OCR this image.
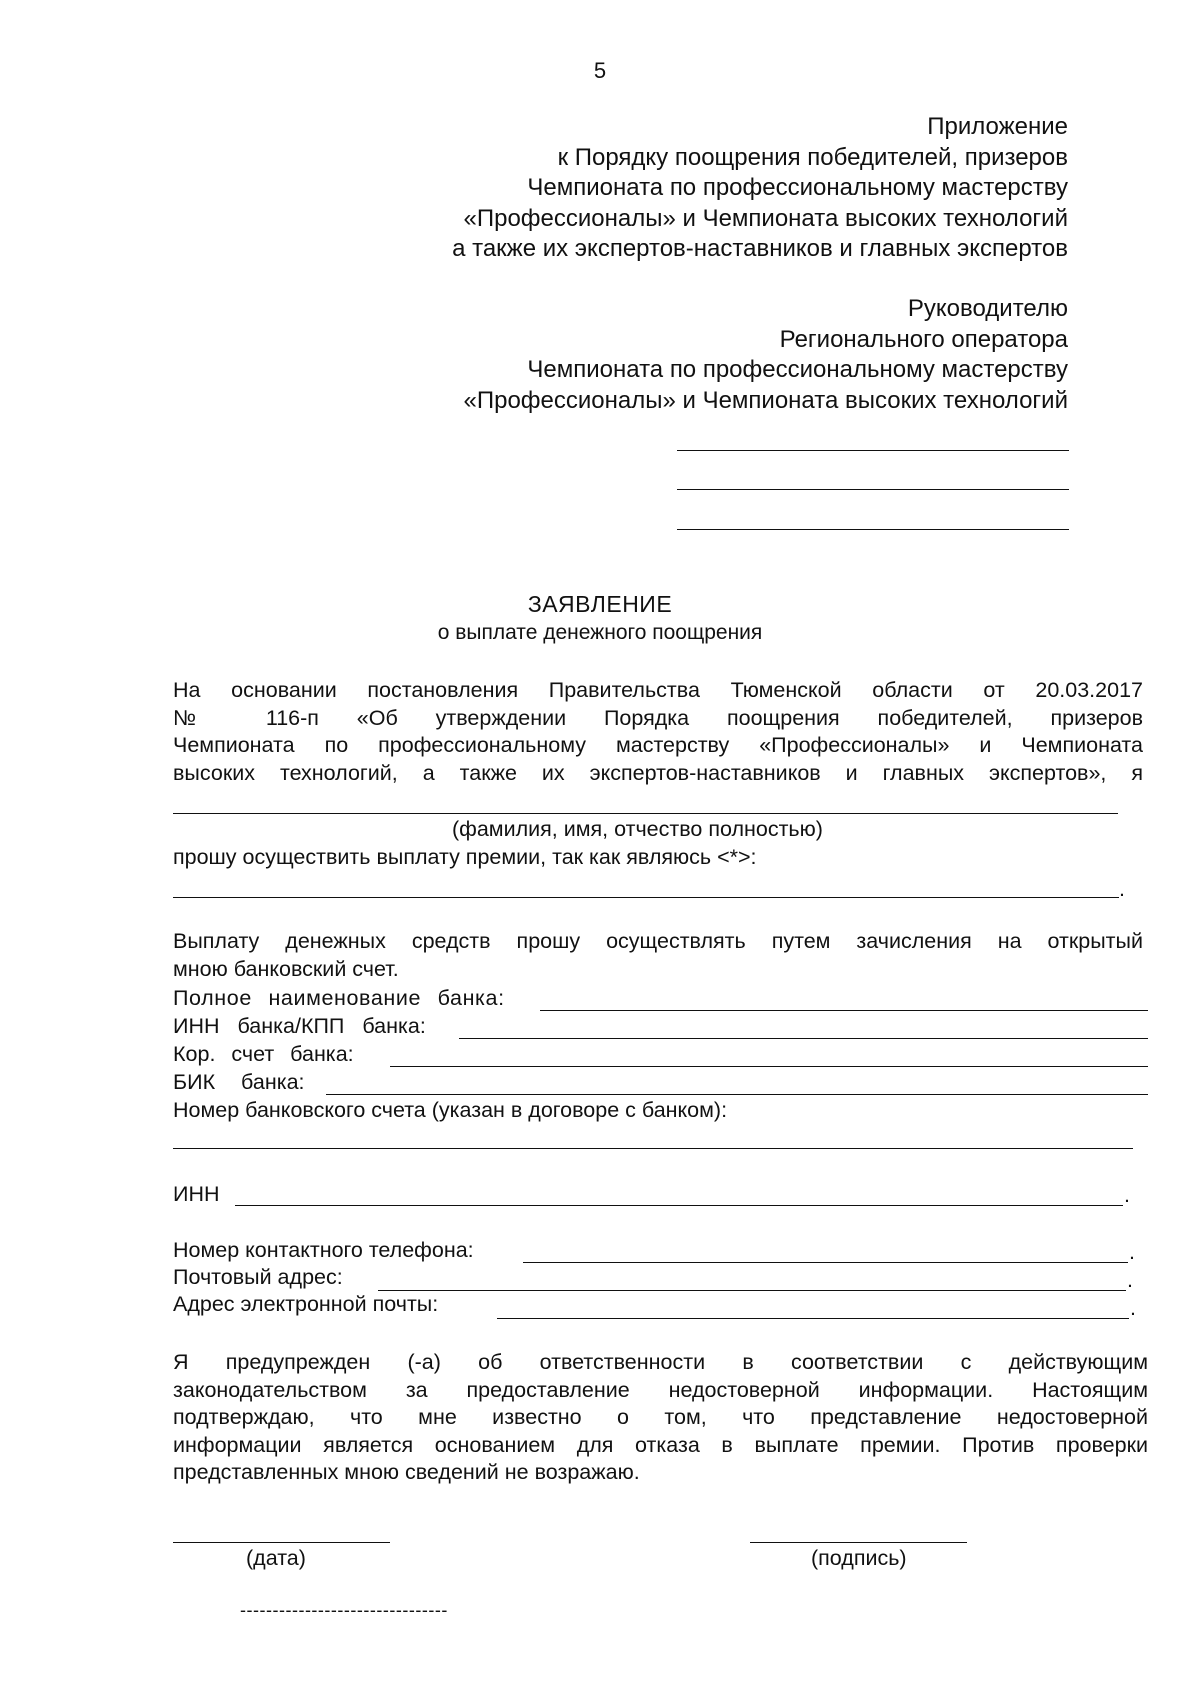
5
Приложение
к Порядку поощрения победителей, призеров
Чемпионата по профессиональному мастерству
«Профессионалы» и Чемпионата высоких технологий
а также их экспертов-наставников и главных экспертов
Руководителю
Регионального оператора
Чемпионата по профессиональному мастерству
«Профессионалы» и Чемпионата высоких технологий
ЗАЯВЛЕНИЕ
о выплате денежного поощрения
На основании постановления Правительства Тюменской области от 20.03.2017
№ 116-п «Об утверждении Порядка поощрения победителей, призеров
Чемпионата по профессиональному мастерству «Профессионалы» и Чемпионата
высоких технологий, а также их экспертов-наставников и главных экспертов», я
(фамилия, имя, отчество полностью)
прошу осуществить выплату премии, так как являюсь <*>:
.
Выплату денежных средств прошу осуществлять путем зачисления на открытый
мною банковский счет.
Полное наименование банка:
ИНН банка/КПП банка:
Кор. счет банка:
БИК банка:
Номер банковского счета (указан в договоре с банком):
ИНН	.
Номер контактного телефона:	.
Почтовый адрес:	.
Адрес электронной почты:	.
Я предупрежден (-а) об ответственности в соответствии с действующим
законодательством за предоставление недостоверной информации. Настоящим
подтверждаю, что мне известно о том, что представление недостоверной
информации является основанием для отказа в выплате премии. Против проверки
представленных мною сведений не возражаю.
(дата)	(подпись)
--------------------------------
